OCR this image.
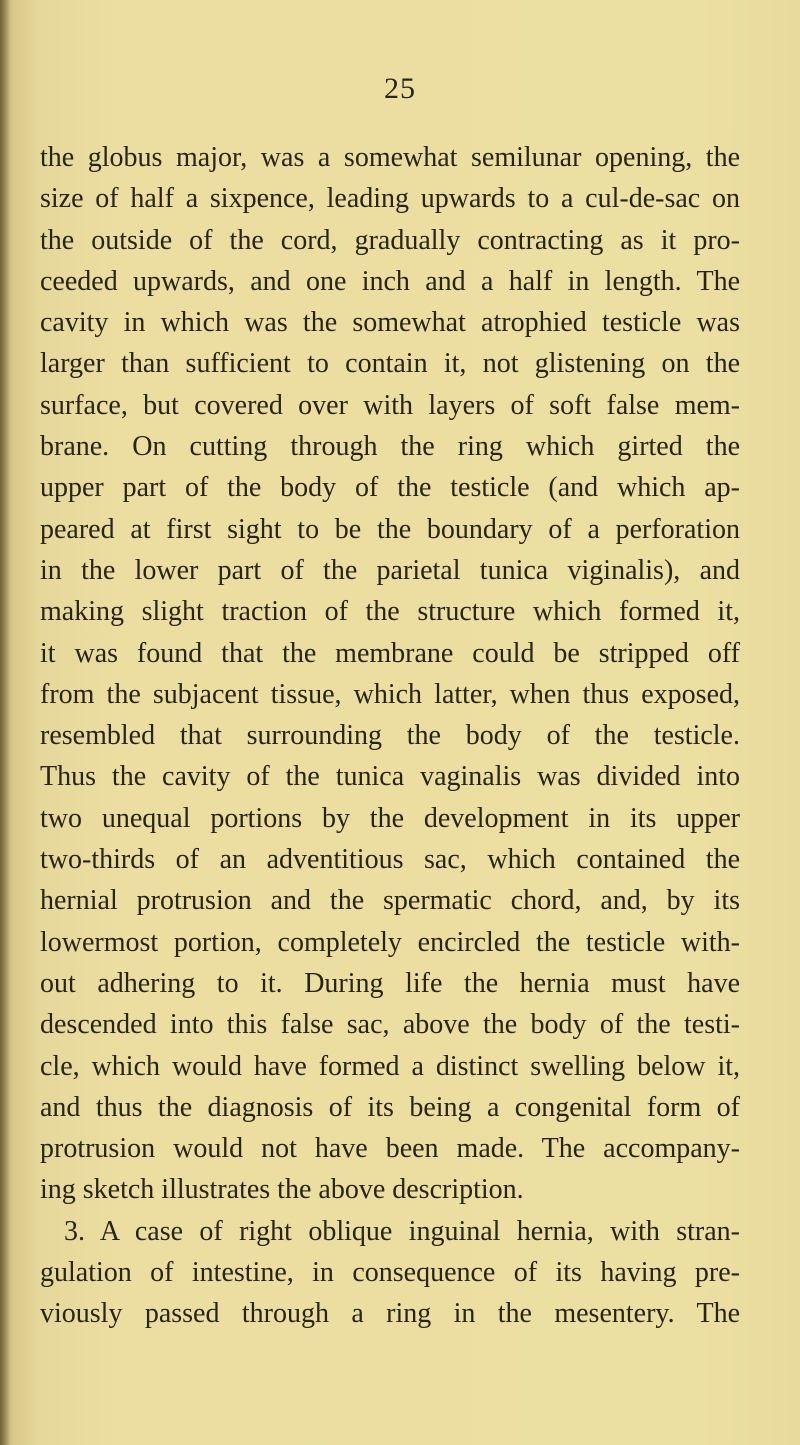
25
the globus major, was a somewhat semilunar opening, the
size of half a sixpence, leading upwards to a cul-de-sac on
the outside of the cord, gradually contracting as it pro-
ceeded upwards, and one inch and a half in length. The
cavity in which was the somewhat atrophied testicle was
larger than sufficient to contain it, not glistening on the
surface, but covered over with layers of soft false mem-
brane. On cutting through the ring which girted the
upper part of the body of the testicle (and which ap-
peared at first sight to be the boundary of a perforation
in the lower part of the parietal tunica viginalis), and
making slight traction of the structure which formed it,
it was found that the membrane could be stripped off
from the subjacent tissue, which latter, when thus exposed,
resembled that surrounding the body of the testicle.
Thus the cavity of the tunica vaginalis was divided into
two unequal portions by the development in its upper
two-thirds of an adventitious sac, which contained the
hernial protrusion and the spermatic chord, and, by its
lowermost portion, completely encircled the testicle with-
out adhering to it. During life the hernia must have
descended into this false sac, above the body of the testi-
cle, which would have formed a distinct swelling below it,
and thus the diagnosis of its being a congenital form of
protrusion would not have been made. The accompany-
ing sketch illustrates the above description.
3. A case of right oblique inguinal hernia, with stran-
gulation of intestine, in consequence of its having pre-
viously passed through a ring in the mesentery. The
